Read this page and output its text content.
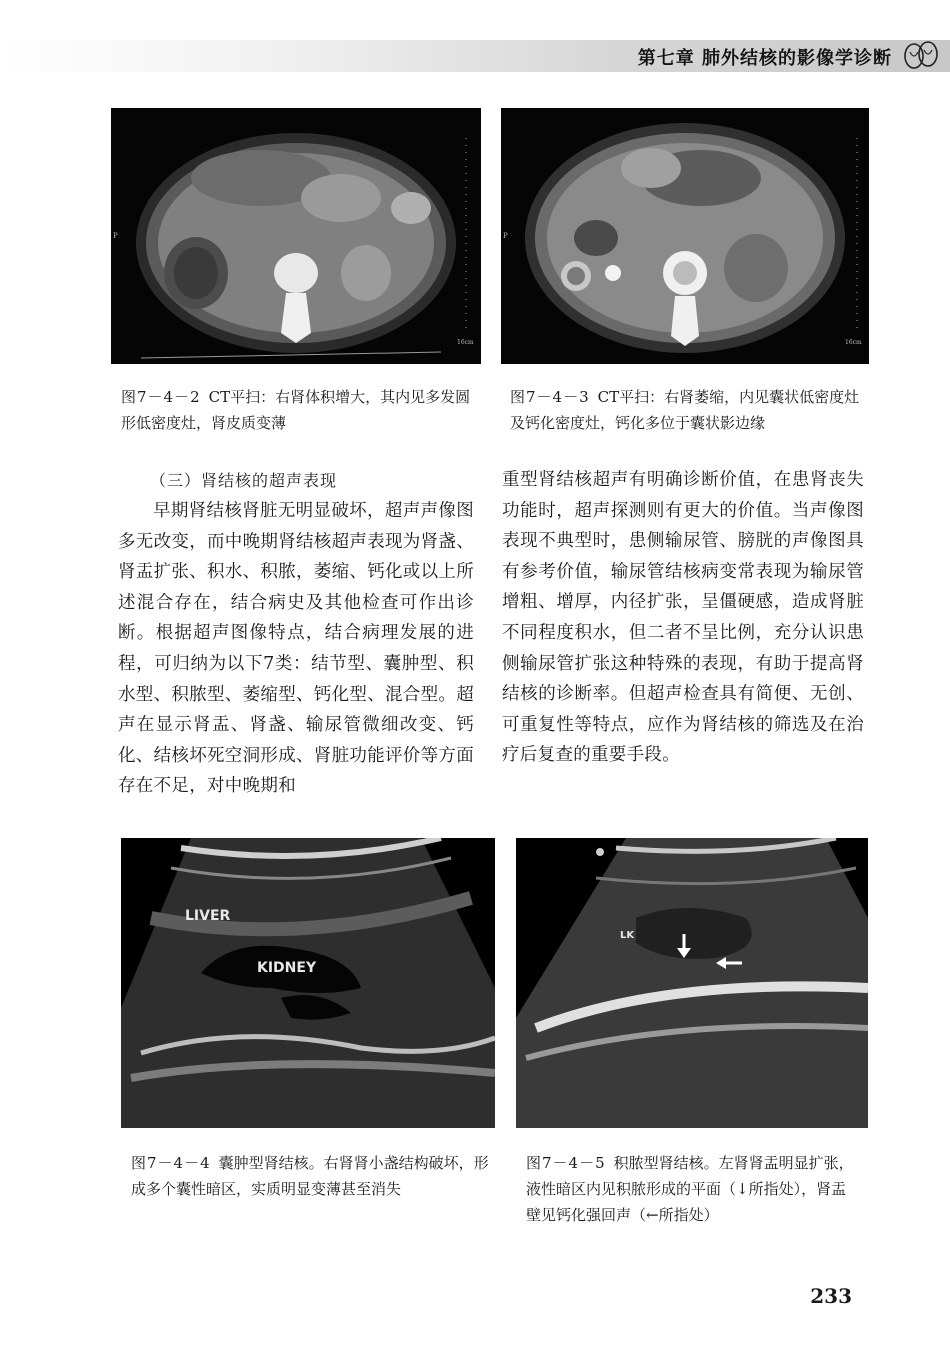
第七章 肺外结核的影像学诊断
P
16cm
图7－4－2 CT平扫：右肾体积增大，其内见多发圆形低密度灶，肾皮质变薄
P
16cm
图7－4－3 CT平扫：右肾萎缩，内见囊状低密度灶及钙化密度灶，钙化多位于囊状影边缘
（三）肾结核的超声表现

早期肾结核肾脏无明显破坏，超声声像图多无改变，而中晚期肾结核超声表现为肾盏、肾盂扩张、积水、积脓，萎缩、钙化或以上所述混合存在，结合病史及其他检查可作出诊断。根据超声图像特点，结合病理发展的进程，可归纳为以下7类：结节型、囊肿型、积水型、积脓型、萎缩型、钙化型、混合型。超声在显示肾盂、肾盏、输尿管微细改变、钙化、结核坏死空洞形成、肾脏功能评价等方面存在不足，对中晚期和

重型肾结核超声有明确诊断价值，在患肾丧失功能时，超声探测则有更大的价值。当声像图表现不典型时，患侧输尿管、膀胱的声像图具有参考价值，输尿管结核病变常表现为输尿管增粗、增厚，内径扩张，呈僵硬感，造成肾脏不同程度积水，但二者不呈比例，充分认识患侧输尿管扩张这种特殊的表现，有助于提高肾结核的诊断率。但超声检查具有简便、无创、可重复性等特点，应作为肾结核的筛选及在治疗后复查的重要手段。

LIVER
KIDNEY
图7－4－4 囊肿型肾结核。右肾肾小盏结构破坏，形成多个囊性暗区，实质明显变薄甚至消失
LK
图7－4－5 积脓型肾结核。左肾肾盂明显扩张，液性暗区内见积脓形成的平面（↓所指处），肾盂壁见钙化强回声（←所指处）
233
